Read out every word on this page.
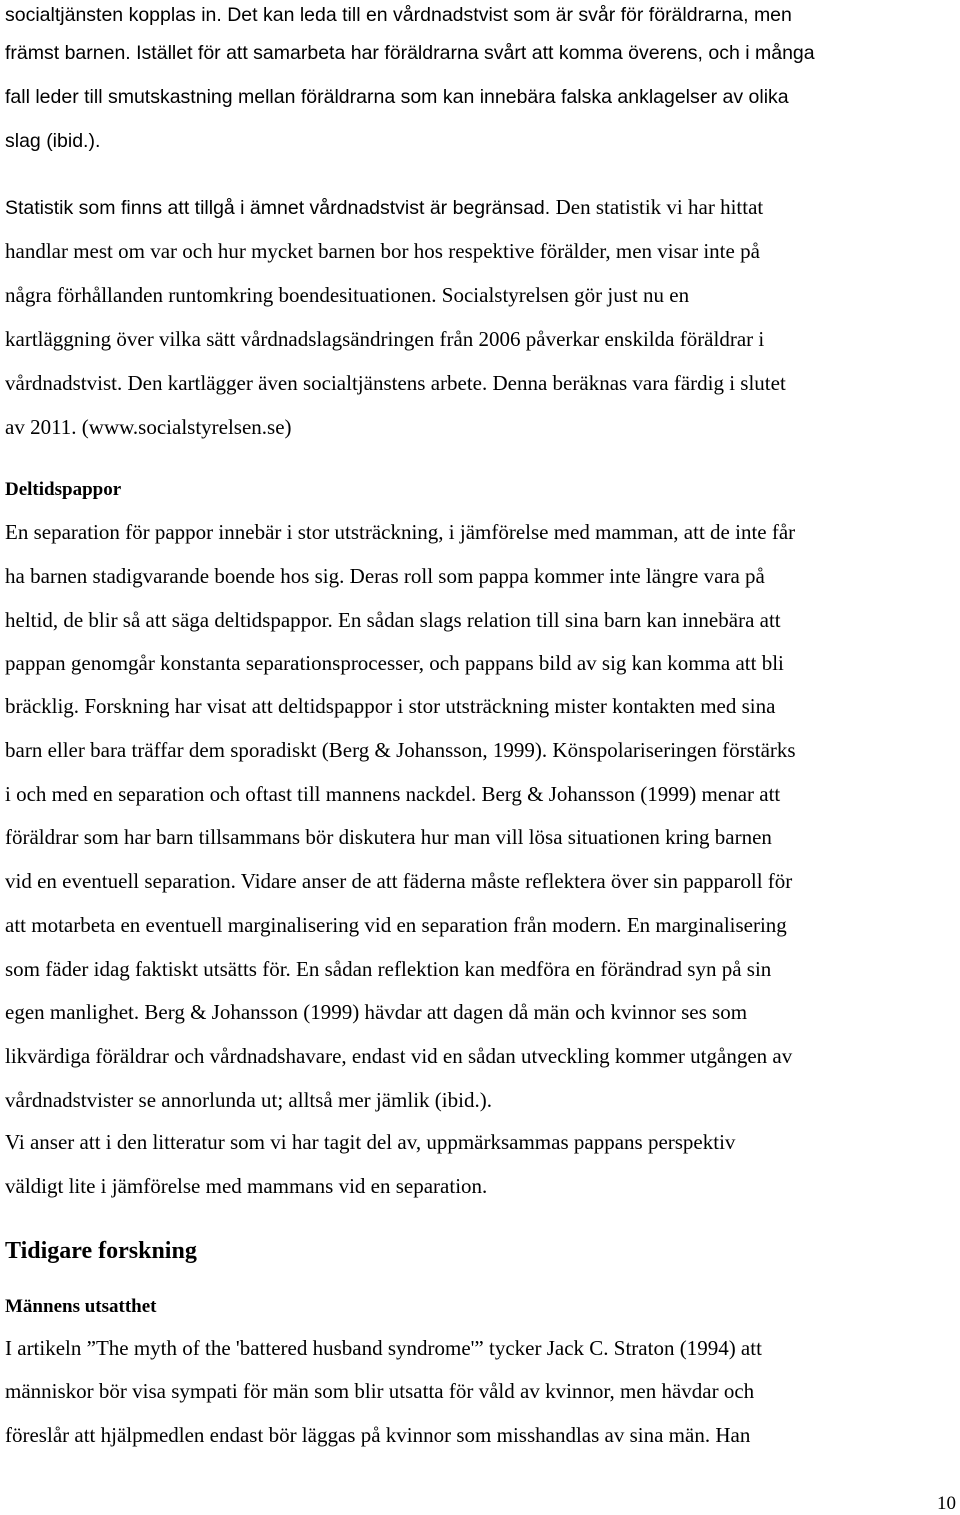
socialtjänsten kopplas in. Det kan leda till en vårdnadstvist som är svår för föräldrarna, men
främst barnen. Istället för att samarbeta har föräldrarna svårt att komma överens, och i många
fall leder till smutskastning mellan föräldrarna som kan innebära falska anklagelser av olika
slag (ibid.).
Statistik som finns att tillgå i ämnet vårdnadstvist är begränsad. Den statistik vi har hittat
handlar mest om var och hur mycket barnen bor hos respektive förälder, men visar inte på
några förhållanden runtomkring boendesituationen. Socialstyrelsen gör just nu en
kartläggning över vilka sätt vårdnadslagsändringen från 2006 påverkar enskilda föräldrar i
vårdnadstvist. Den kartlägger även socialtjänstens arbete. Denna beräknas vara färdig i slutet
av 2011. (www.socialstyrelsen.se)
Deltidspappor
En separation för pappor innebär i stor utsträckning, i jämförelse med mamman, att de inte får
ha barnen stadigvarande boende hos sig. Deras roll som pappa kommer inte längre vara på
heltid, de blir så att säga deltidspappor. En sådan slags relation till sina barn kan innebära att
pappan genomgår konstanta separationsprocesser, och pappans bild av sig kan komma att bli
bräcklig. Forskning har visat att deltidspappor i stor utsträckning mister kontakten med sina
barn eller bara träffar dem sporadiskt (Berg & Johansson, 1999). Könspolariseringen förstärks
i och med en separation och oftast till mannens nackdel. Berg & Johansson (1999) menar att
föräldrar som har barn tillsammans bör diskutera hur man vill lösa situationen kring barnen
vid en eventuell separation. Vidare anser de att fäderna måste reflektera över sin papparoll för
att motarbeta en eventuell marginalisering vid en separation från modern. En marginalisering
som fäder idag faktiskt utsätts för. En sådan reflektion kan medföra en förändrad syn på sin
egen manlighet. Berg & Johansson (1999) hävdar att dagen då män och kvinnor ses som
likvärdiga föräldrar och vårdnadshavare, endast vid en sådan utveckling kommer utgången av
vårdnadstvister se annorlunda ut; alltså mer jämlik (ibid.).
Vi anser att i den litteratur som vi har tagit del av, uppmärksammas pappans perspektiv
väldigt lite i jämförelse med mammans vid en separation.
Tidigare forskning
Männens utsatthet
I artikeln ”The myth of the 'battered husband syndrome'” tycker Jack C. Straton (1994) att
människor bör visa sympati för män som blir utsatta för våld av kvinnor, men hävdar och
föreslår att hjälpmedlen endast bör läggas på kvinnor som misshandlas av sina män. Han
10
